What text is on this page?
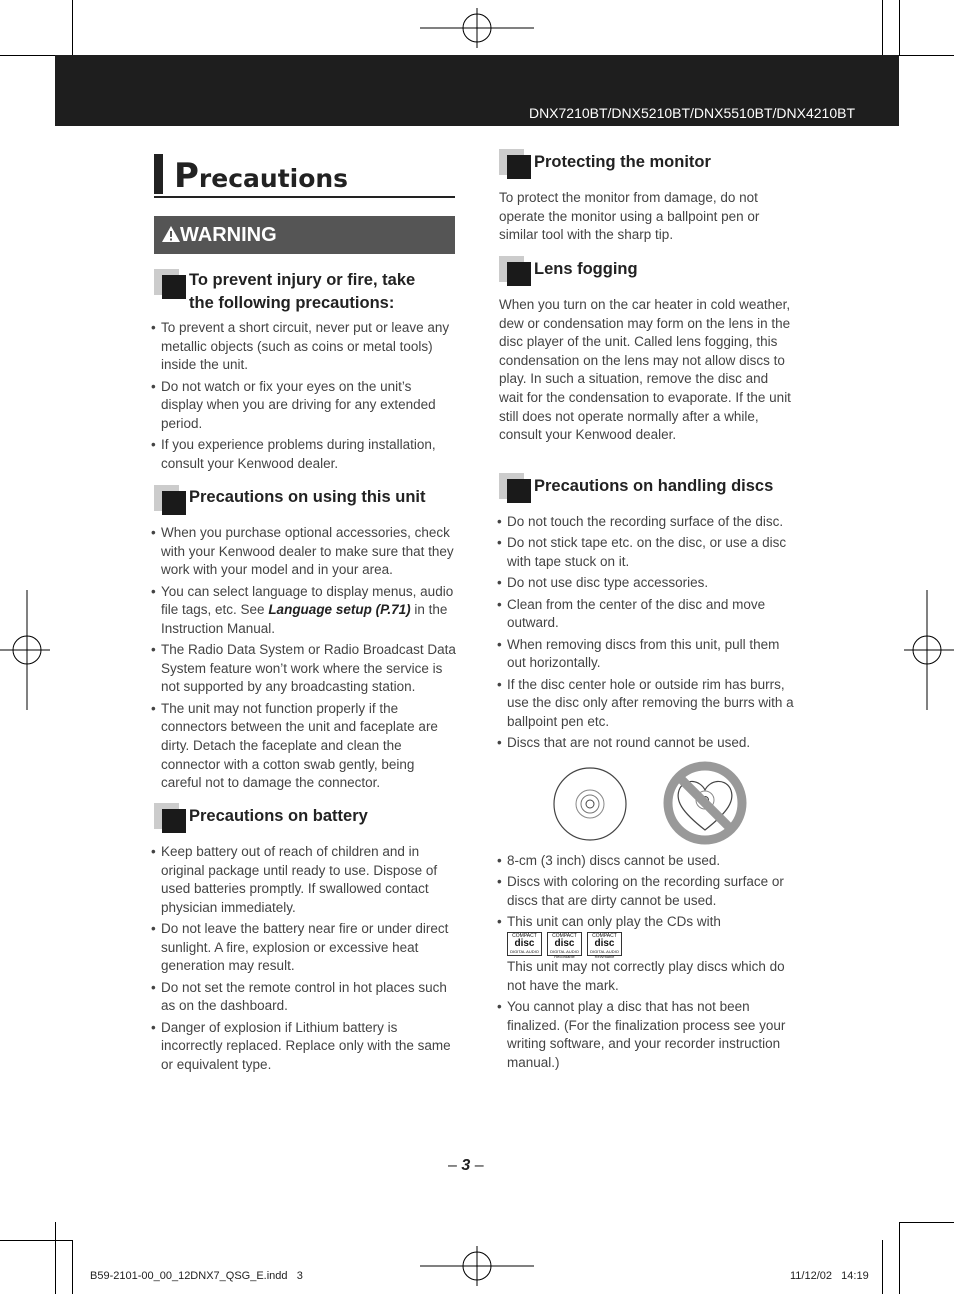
DNX7210BT/DNX5210BT/DNX5510BT/DNX4210BT
Precautions
WARNING
To prevent injury or fire, take
the following precautions:
• To prevent a short circuit, never put or leave any metallic objects (such as coins or metal tools) inside the unit.
• Do not watch or fix your eyes on the unit’s display when you are driving for any extended period.
• If you experience problems during installation, consult your Kenwood dealer.
Precautions on using this unit
• When you purchase optional accessories, check with your Kenwood dealer to make sure that they work with your model and in your area.
• You can select language to display menus, audio file tags, etc. See Language setup (P.71) in the Instruction Manual.
• The Radio Data System or Radio Broadcast Data System feature won’t work where the service is not supported by any broadcasting station.
• The unit may not function properly if the connectors between the unit and faceplate are dirty. Detach the faceplate and clean the connector with a cotton swab gently, being careful not to damage the connector.
Precautions on battery
• Keep battery out of reach of children and in original package until ready to use. Dispose of used batteries promptly. If swallowed contact physician immediately.
• Do not leave the battery near fire or under direct sunlight. A fire, explosion or excessive heat generation may result.
• Do not set the remote control in hot places such as on the dashboard.
• Danger of explosion if Lithium battery is incorrectly replaced. Replace only with the same or equivalent type.
Protecting the monitor

To protect the monitor from damage, do not operate the monitor using a ballpoint pen or similar tool with the sharp tip.

Lens fogging

When you turn on the car heater in cold weather, dew or condensation may form on the lens in the disc player of the unit. Called lens fogging, this condensation on the lens may not allow discs to play. In such a situation, remove the disc and wait for the condensation to evaporate. If the unit still does not operate normally after a while, consult your Kenwood dealer.

Precautions on handling discs
• Do not touch the recording surface of the disc.
• Do not stick tape etc. on the disc, or use a disc with tape stuck on it.
• Do not use disc type accessories.
• Clean from the center of the disc and move outward.
• When removing discs from this unit, pull them out horizontally.
• If the disc center hole or outside rim has burrs, use the disc only after removing the burrs with a ballpoint pen etc.
• Discs that are not round cannot be used.
• 8-cm (3 inch) discs cannot be used.
• Discs with coloring on the recording surface or discs that are dirty cannot be used.
• This unit can only play the CDs with
COMPACT
disc
DIGITAL AUDIO
COMPACT
disc
DIGITAL AUDIO Recordable
COMPACT
disc
DIGITAL AUDIO ReWritable
This unit may not correctly play discs which do not have the mark.
• You cannot play a disc that has not been finalized. (For the finalization process see your writing software, and your recorder instruction manual.)
– 3 –
B59-2101-00_00_12DNX7_QSG_E.indd   3	11/12/02   14:19
